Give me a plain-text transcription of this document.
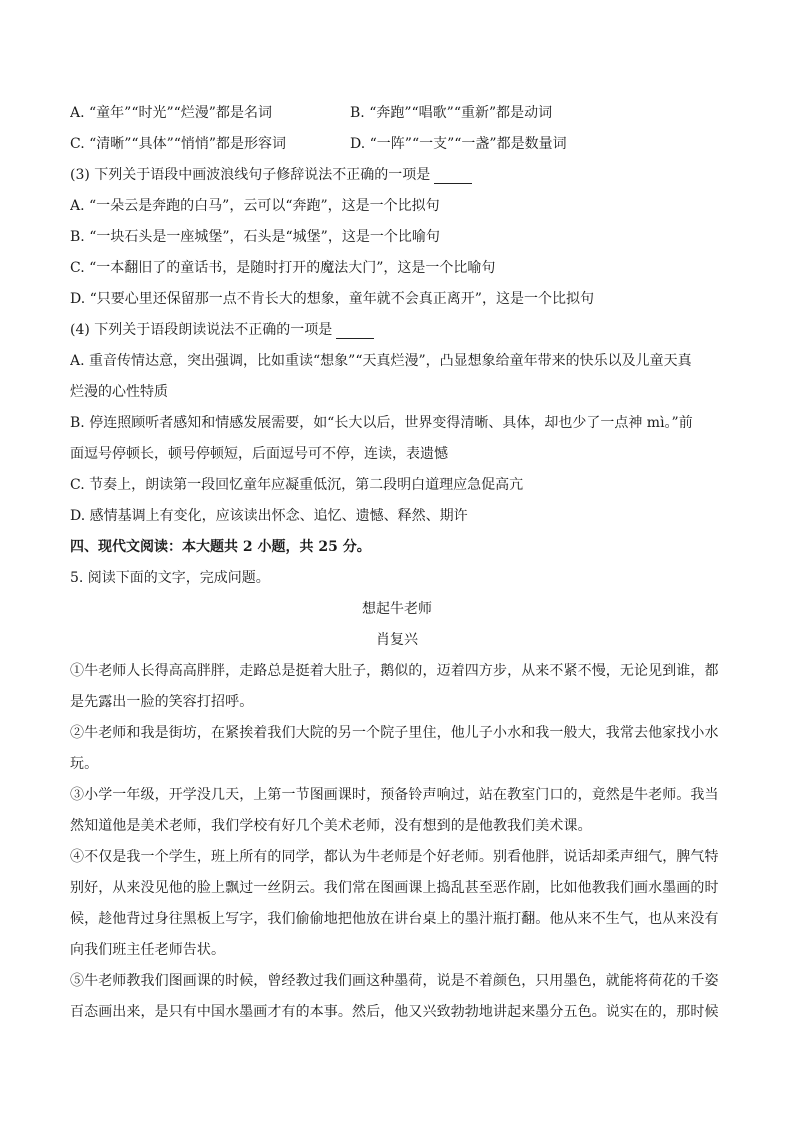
A. “童年”“时光”“烂漫”都是名词	B. “奔跑”“唱歌”“重新”都是动词
C. “清晰”“具体”“悄悄”都是形容词	D. “一阵”“一支”“一盏”都是数量词
(3) 下列关于语段中画波浪线句子修辞说法不正确的一项是
A. “一朵云是奔跑的白马”，云可以“奔跑”，这是一个比拟句
B. “一块石头是一座城堡”，石头是“城堡”，这是一个比喻句
C. “一本翻旧了的童话书，是随时打开的魔法大门”，这是一个比喻句
D. “只要心里还保留那一点不肯长大的想象，童年就不会真正离开”，这是一个比拟句
(4) 下列关于语段朗读说法不正确的一项是
A. 重音传情达意，突出强调，比如重读“想象”“天真烂漫”，凸显想象给童年带来的快乐以及儿童天真
烂漫的心性特质
B. 停连照顾听者感知和情感发展需要，如“长大以后，世界变得清晰、具体，却也少了一点神 mì。”前
面逗号停顿长，顿号停顿短，后面逗号可不停，连读，表遗憾
C. 节奏上，朗读第一段回忆童年应凝重低沉，第二段明白道理应急促高亢
D. 感情基调上有变化，应该读出怀念、追忆、遗憾、释然、期许
四、现代文阅读：本大题共 2 小题，共 25 分。
5. 阅读下面的文字，完成问题。
想起牛老师
肖复兴
①牛老师人长得高高胖胖，走路总是挺着大肚子，鹅似的，迈着四方步，从来不紧不慢，无论见到谁，都
是先露出一脸的笑容打招呼。
②牛老师和我是街坊，在紧挨着我们大院的另一个院子里住，他儿子小水和我一般大，我常去他家找小水
玩。
③小学一年级，开学没几天，上第一节图画课时，预备铃声响过，站在教室门口的，竟然是牛老师。我当
然知道他是美术老师，我们学校有好几个美术老师，没有想到的是他教我们美术课。
④不仅是我一个学生，班上所有的同学，都认为牛老师是个好老师。别看他胖，说话却柔声细气，脾气特
别好，从来没见他的脸上飘过一丝阴云。我们常在图画课上捣乱甚至恶作剧，比如他教我们画水墨画的时
候，趁他背过身往黑板上写字，我们偷偷地把他放在讲台桌上的墨汁瓶打翻。他从来不生气，也从来没有
向我们班主任老师告状。
⑤牛老师教我们图画课的时候，曾经教过我们画这种墨荷，说是不着颜色，只用墨色，就能将荷花的千姿
百态画出来，是只有中国水墨画才有的本事。然后，他又兴致勃勃地讲起来墨分五色。说实在的，那时候
